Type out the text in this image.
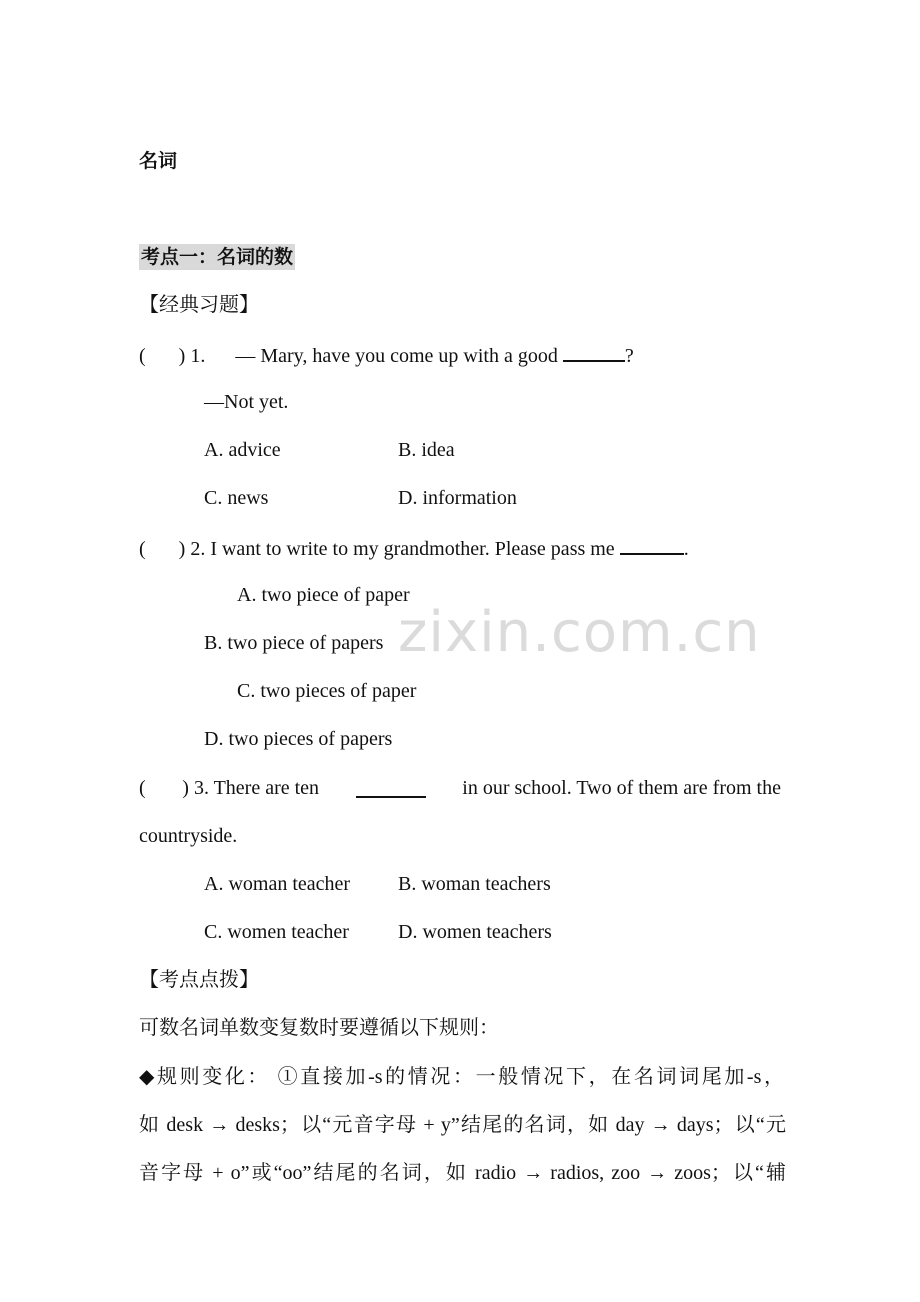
zixin.com.cn
名词
考点一：名词的数
【经典习题】
( ) 1. — Mary, have you come up with a good	?
—Not yet.
A. advice	B. idea
C. news	D. information
( ) 2. I want to write to my grandmother. Please pass me	.
A. two piece of paper
B. two piece of papers
C. two pieces of paper
D. two pieces of papers
( ) 3. There are ten	in our school. Two of them are from the
countryside.
A. woman teacher B. woman teachers
C. women teacher D. women teachers
【考点点拨】
可数名词单数变复数时要遵循以下规则：
◆规则变化： ①直接加-s的情况：一般情况下，在名词词尾加-s，
如 desk → desks；以“元音字母 + y”结尾的名词，如 day → days；以“元
音字母 + o”或“oo”结尾的名词，如 radio → radios, zoo → zoos；以“辅
